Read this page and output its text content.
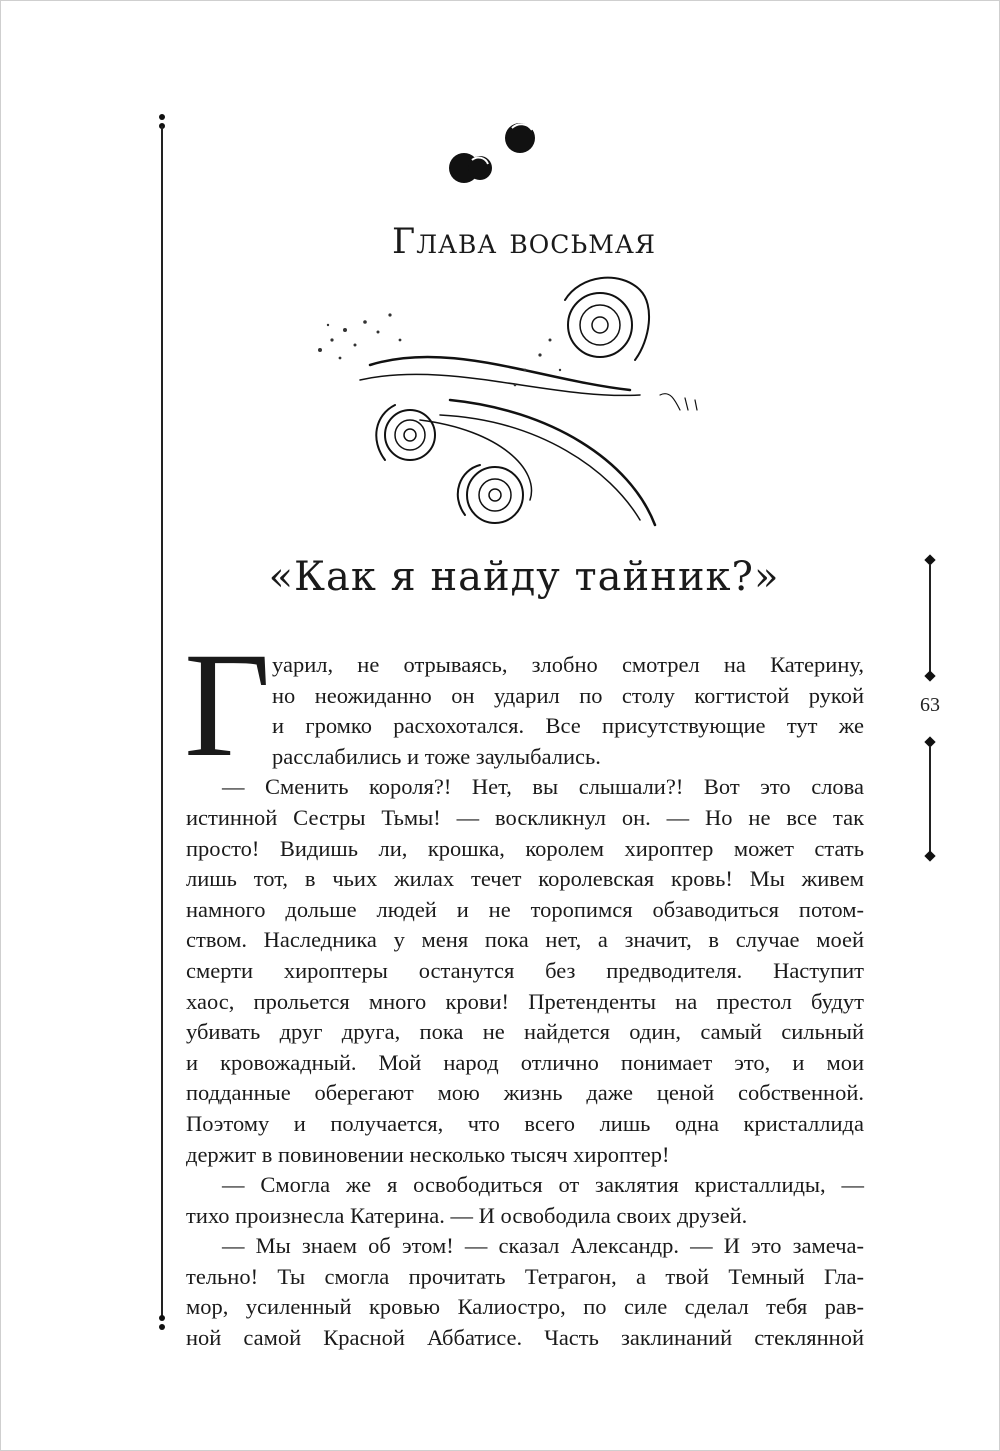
Глава восьмая
«Как я найду тайник?»
63
Г уарил, не отрываясь, злобно смотрел на Катерину,
но неожиданно он ударил по столу когтистой рукой
и громко расхохотался. Все присутствующие тут же
расслабились и тоже заулыбались.
— Сменить короля?! Нет, вы слышали?! Вот это слова
истинной Сестры Тьмы! — воскликнул он. — Но не все так
просто! Видишь ли, крошка, королем хироптер может стать
лишь тот, в чьих жилах течет королевская кровь! Мы живем
намного дольше людей и не торопимся обзаводиться потом-
ством. Наследника у меня пока нет, а значит, в случае моей
смерти хироптеры останутся без предводителя. Наступит
хаос, прольется много крови! Претенденты на престол будут
убивать друг друга, пока не найдется один, самый сильный
и кровожадный. Мой народ отлично понимает это, и мои
подданные оберегают мою жизнь даже ценой собственной.
Поэтому и получается, что всего лишь одна кристаллида
держит в повиновении несколько тысяч хироптер!
— Смогла же я освободиться от заклятия кристаллиды, —
тихо произнесла Катерина. — И освободила своих друзей.
— Мы знаем об этом! — сказал Александр. — И это замеча-
тельно! Ты смогла прочитать Тетрагон, а твой Темный Гла-
мор, усиленный кровью Калиостро, по силе сделал тебя рав-
ной самой Красной Аббатисе. Часть заклинаний стеклянной
